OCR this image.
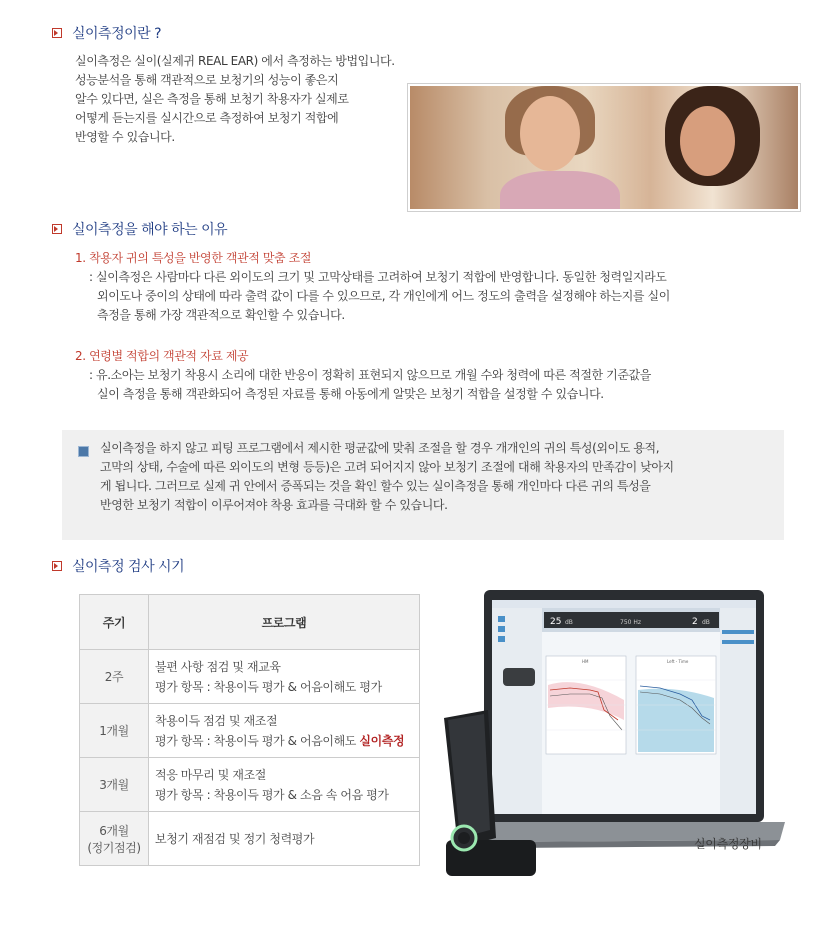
실이측정이란 ?
실이측정은 실이(실제귀 REAL EAR) 에서 측정하는 방법입니다.
성능분석을 통해 객관적으로 보청기의 성능이 좋은지
알수 있다면, 실은 측정을 통해 보청기 착용자가 실제로
어떻게 듣는지를 실시간으로 측정하여 보청기 적합에
반영할 수 있습니다.
실이측정을 해야 하는 이유
1. 착용자 귀의 특성을 반영한 객관적 맞춤 조절
: 실이측정은 사람마다 다른 외이도의 크기 및 고막상태를 고려하여 보청기 적합에 반영합니다. 동일한 청력일지라도
외이도나 중이의 상태에 따라 출력 값이 다를 수 있으므로, 각 개인에게 어느 정도의 출력을 설정해야 하는지를 실이
측정을 통해 가장 객관적으로 확인할 수 있습니다.
2. 연령별 적합의 객관적 자료 제공
: 유.소아는 보청기 착용시 소리에 대한 반응이 정확히 표현되지 않으므로 개월 수와 청력에 따른 적절한 기준값을
실이 측정을 통해 객관화되어 측정된 자료를 통해 아동에게 알맞은 보청기 적합을 설정할 수 있습니다.
실이측정을 하지 않고 피팅 프로그램에서 제시한 평균값에 맞춰 조절을 할 경우 개개인의 귀의 특성(외이도 용적,
고막의 상태, 수술에 따른 외이도의 변형 등등)은 고려 되어지지 않아 보청기 조절에 대해 착용자의 만족감이 낮아지
게 됩니다. 그러므로 실제 귀 안에서 증폭되는 것을 확인 할수 있는 실이측정을 통해 개인마다 다른 귀의 특성을
반영한 보청기 적합이 이루어져야 착용 효과를 극대화 할 수 있습니다.
실이측정 검사 시기
주기	프로그램
2주	불편 사항 점검 및 재교육
평가 항목 : 착용이득 평가 & 어음이해도 평가

1개월	착용이득 점검 및 재조절
평가 항목 : 착용이득 평가 & 어음이해도 실이측정

3개월	적응 마무리 및 재조절
평가 항목 : 착용이득 평가 & 소음 속 어음 평가

6개월
(정기점검)	보청기 재점검 및 정기 청력평가
25 dB	750 Hz	2 dB
HM	Left - Time
실이측정장비
